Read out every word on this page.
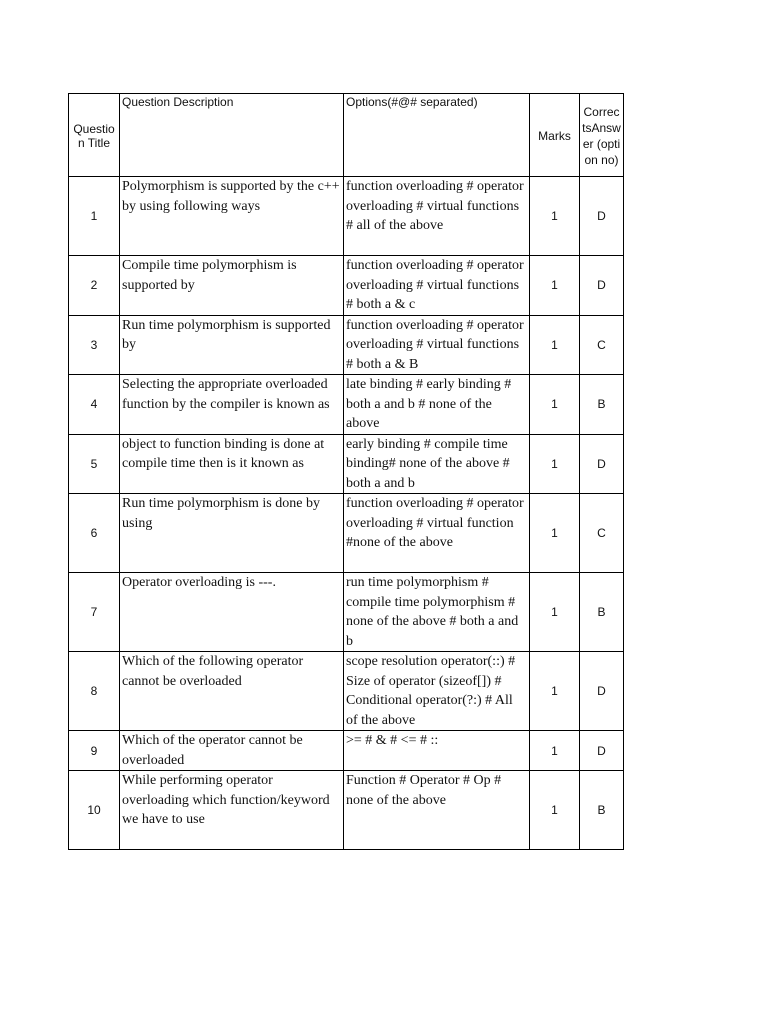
Question Title	Question Description	Options(#@# separated)	Marks	CorrectsAnswer (option no)

1	Polymorphism is supported by the c++ by using following ways	function overloading # operator overloading # virtual functions # all of the above	1	D
2	Compile time polymorphism is supported by	function overloading # operator overloading # virtual functions # both a & c	1	D
3	Run time polymorphism is supported by	function overloading # operator overloading # virtual functions # both a & B	1	C
4	Selecting the appropriate overloaded function by the compiler is known as	late binding # early binding # both a and b # none of the above	1	B
5	object to function binding is done at compile time then is it known as	early binding # compile time binding# none of the above # both a and b	1	D
6	Run time polymorphism is done by using	function overloading # operator overloading # virtual function #none of the above	1	C
7	Operator overloading is ---.	run time polymorphism # compile time polymorphism # none of the above # both a and b	1	B
8	Which of the following operator cannot be overloaded	scope resolution operator(::) # Size of operator (sizeof[]) # Conditional operator(?:) # All of the above	1	D
9	Which of the operator cannot be overloaded	>= # & # <= # ::	1	D
10	While performing operator overloading which function/keyword we have to use	Function # Operator # Op # none of the above	1	B
